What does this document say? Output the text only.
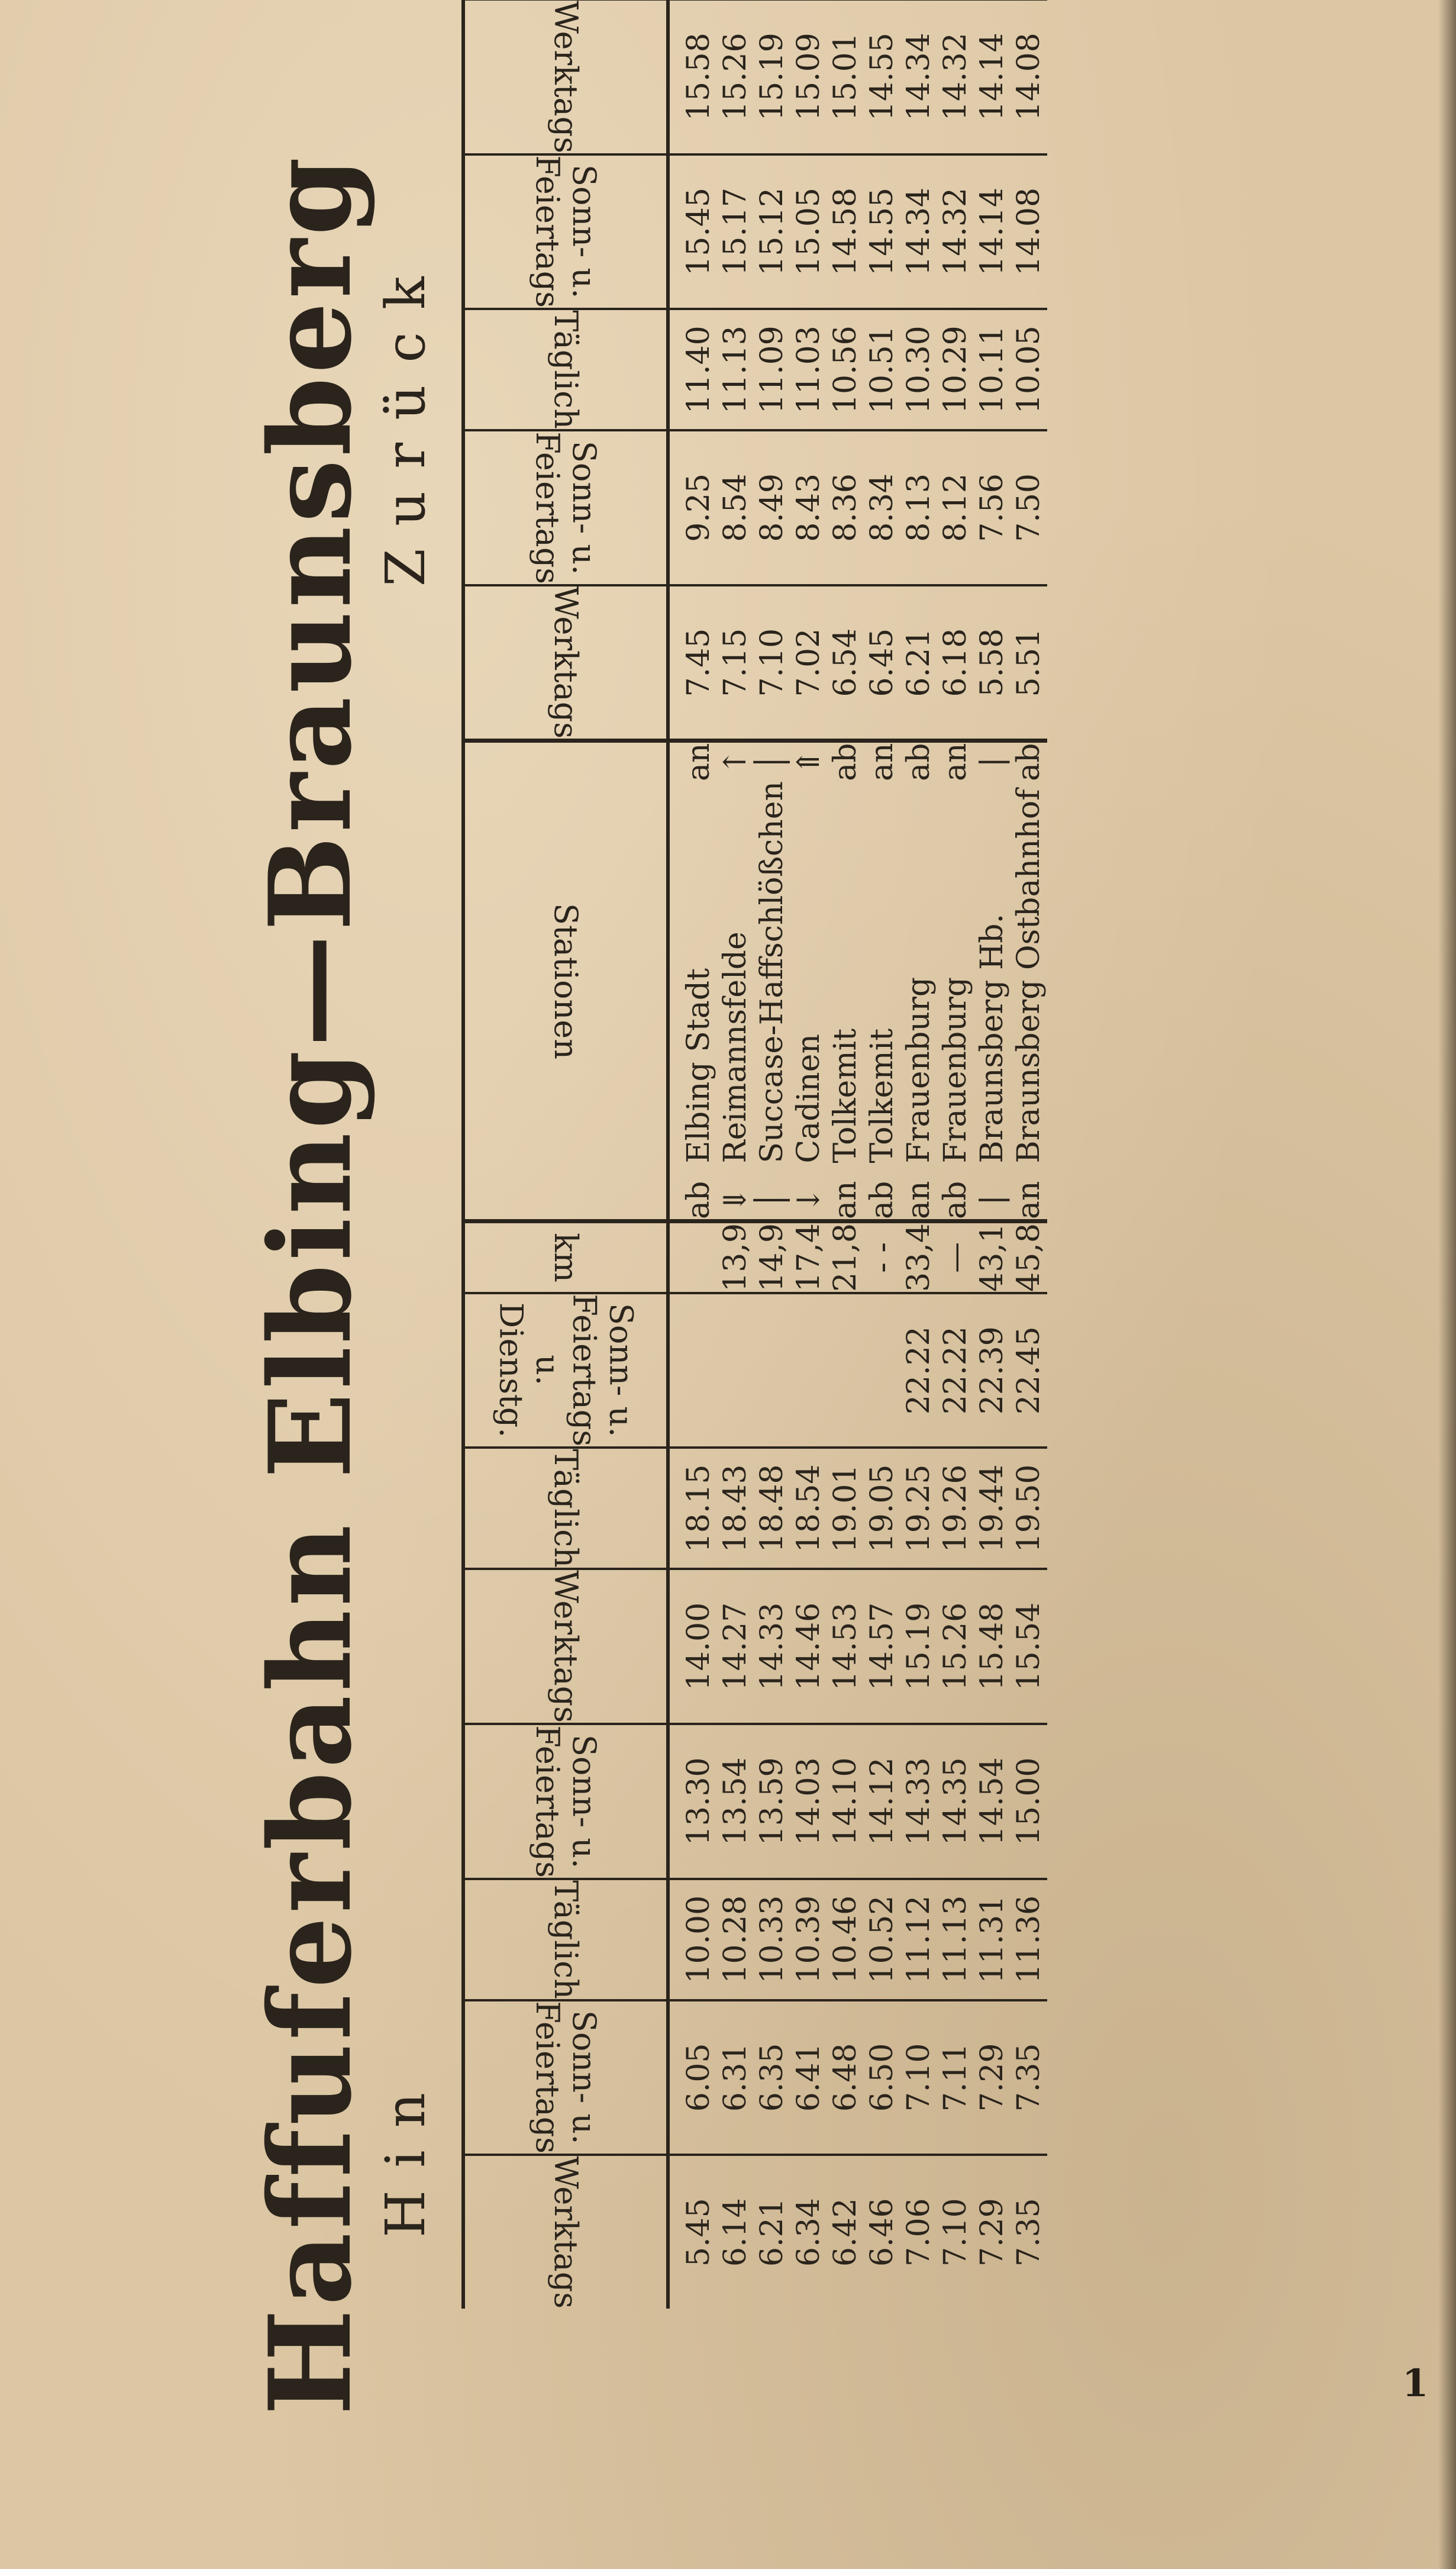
1
Haffuferbahn Elbing—Braunsberg
Hin
Zurück
Werktags	Sonn- u. Feiertags	Täglich	Sonn- u. Feiertags	Werktags	Täglich	Sonn- u. Feiertags u. Dienstg.	km	Stationen			Werktags	Sonn- u. Feiertags	Täglich	Sonn- u. Feiertags	Werktags		
5.45	6.05	10.00	13.30	14.00	18.15			ab	Elbing Stadt	an	7.45	9.25	11.40	15.45	15.58		
6.14	6.31	10.28	13.54	14.27	18.43		13,9	⇓	Reimannsfelde	↑	7.15	8.54	11.13	15.17	15.26		
6.21	6.35	10.33	13.59	14.33	18.48		14,9	│	Succase-Haffschlößchen	│	7.10	8.49	11.09	15.12	15.19		
6.34	6.41	10.39	14.03	14.46	18.54		17,4	↓	Cadinen	⇑	7.02	8.43	11.03	15.05	15.09		
6.42	6.48	10.46	14.10	14.53	19.01		21,8	an	Tolkemit	ab	6.54	8.36	10.56	14.58	15.01		
6.46	6.50	10.52	14.12	14.57	19.05		- -	ab	Tolkemit	an	6.45	8.34	10.51	14.55	14.55		
7.06	7.10	11.12	14.33	15.19	19.25	22.22	33,4	an	Frauenburg	ab	6.21	8.13	10.30	14.34	14.34		
7.10	7.11	11.13	14.35	15.26	19.26	22.22	—	ab	Frauenburg	an	6.18	8.12	10.29	14.32	14.32		
7.29	7.29	11.31	14.54	15.48	19.44	22.39	43,1	|	Braunsberg Hb.	|	5.58	7.56	10.11	14.14	14.14		
7.35	7.35	11.36	15.00	15.54	19.50	22.45	45,8	an	Braunsberg Ostbahnhof	ab	5.51	7.50	10.05	14.08	14.08		
